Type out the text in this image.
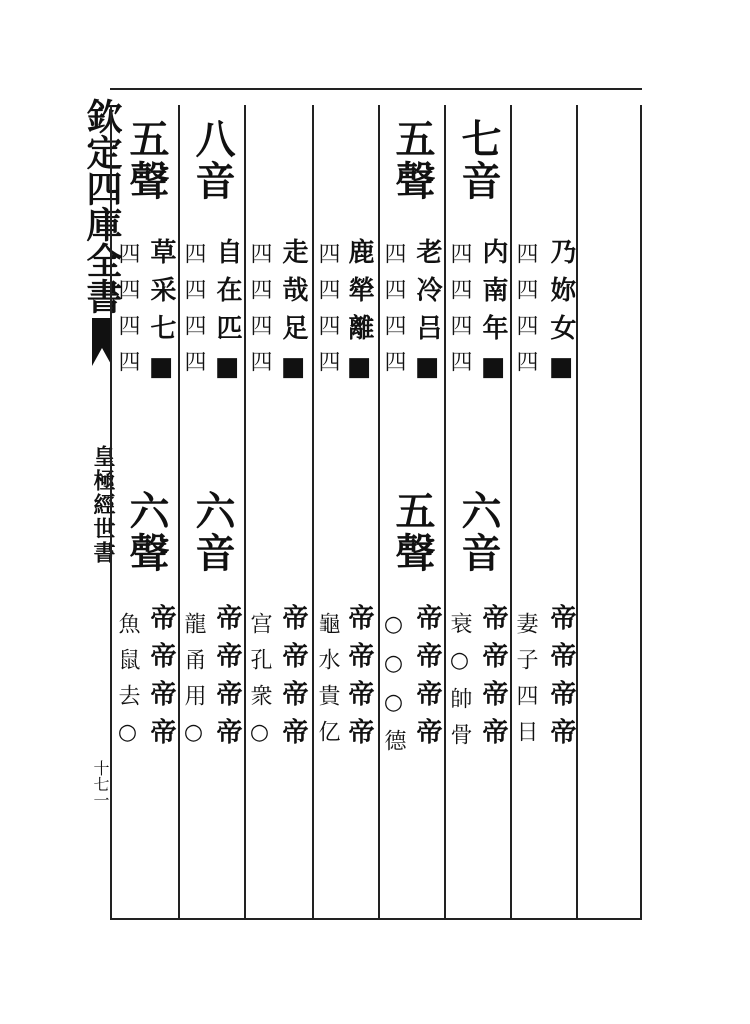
欽定四庫全書
皇極經世書
十七一
乃妳女■
四四四四
帝帝帝帝
妻子四日
七音
内南年■
四四四四
六音
帝帝帝帝
衰○帥骨
五聲
老冷吕■
四四四四
五聲
帝帝帝帝
○○○德
鹿犖離■
四四四四
帝帝帝帝
龜水貴亿
走哉足■
四四四四
帝帝帝帝
宫孔衆○
八音
自在匹■
四四四四
六音
帝帝帝帝
龍甬用○
五聲
草采七■
四四四四
六聲
帝帝帝帝
魚鼠去○
